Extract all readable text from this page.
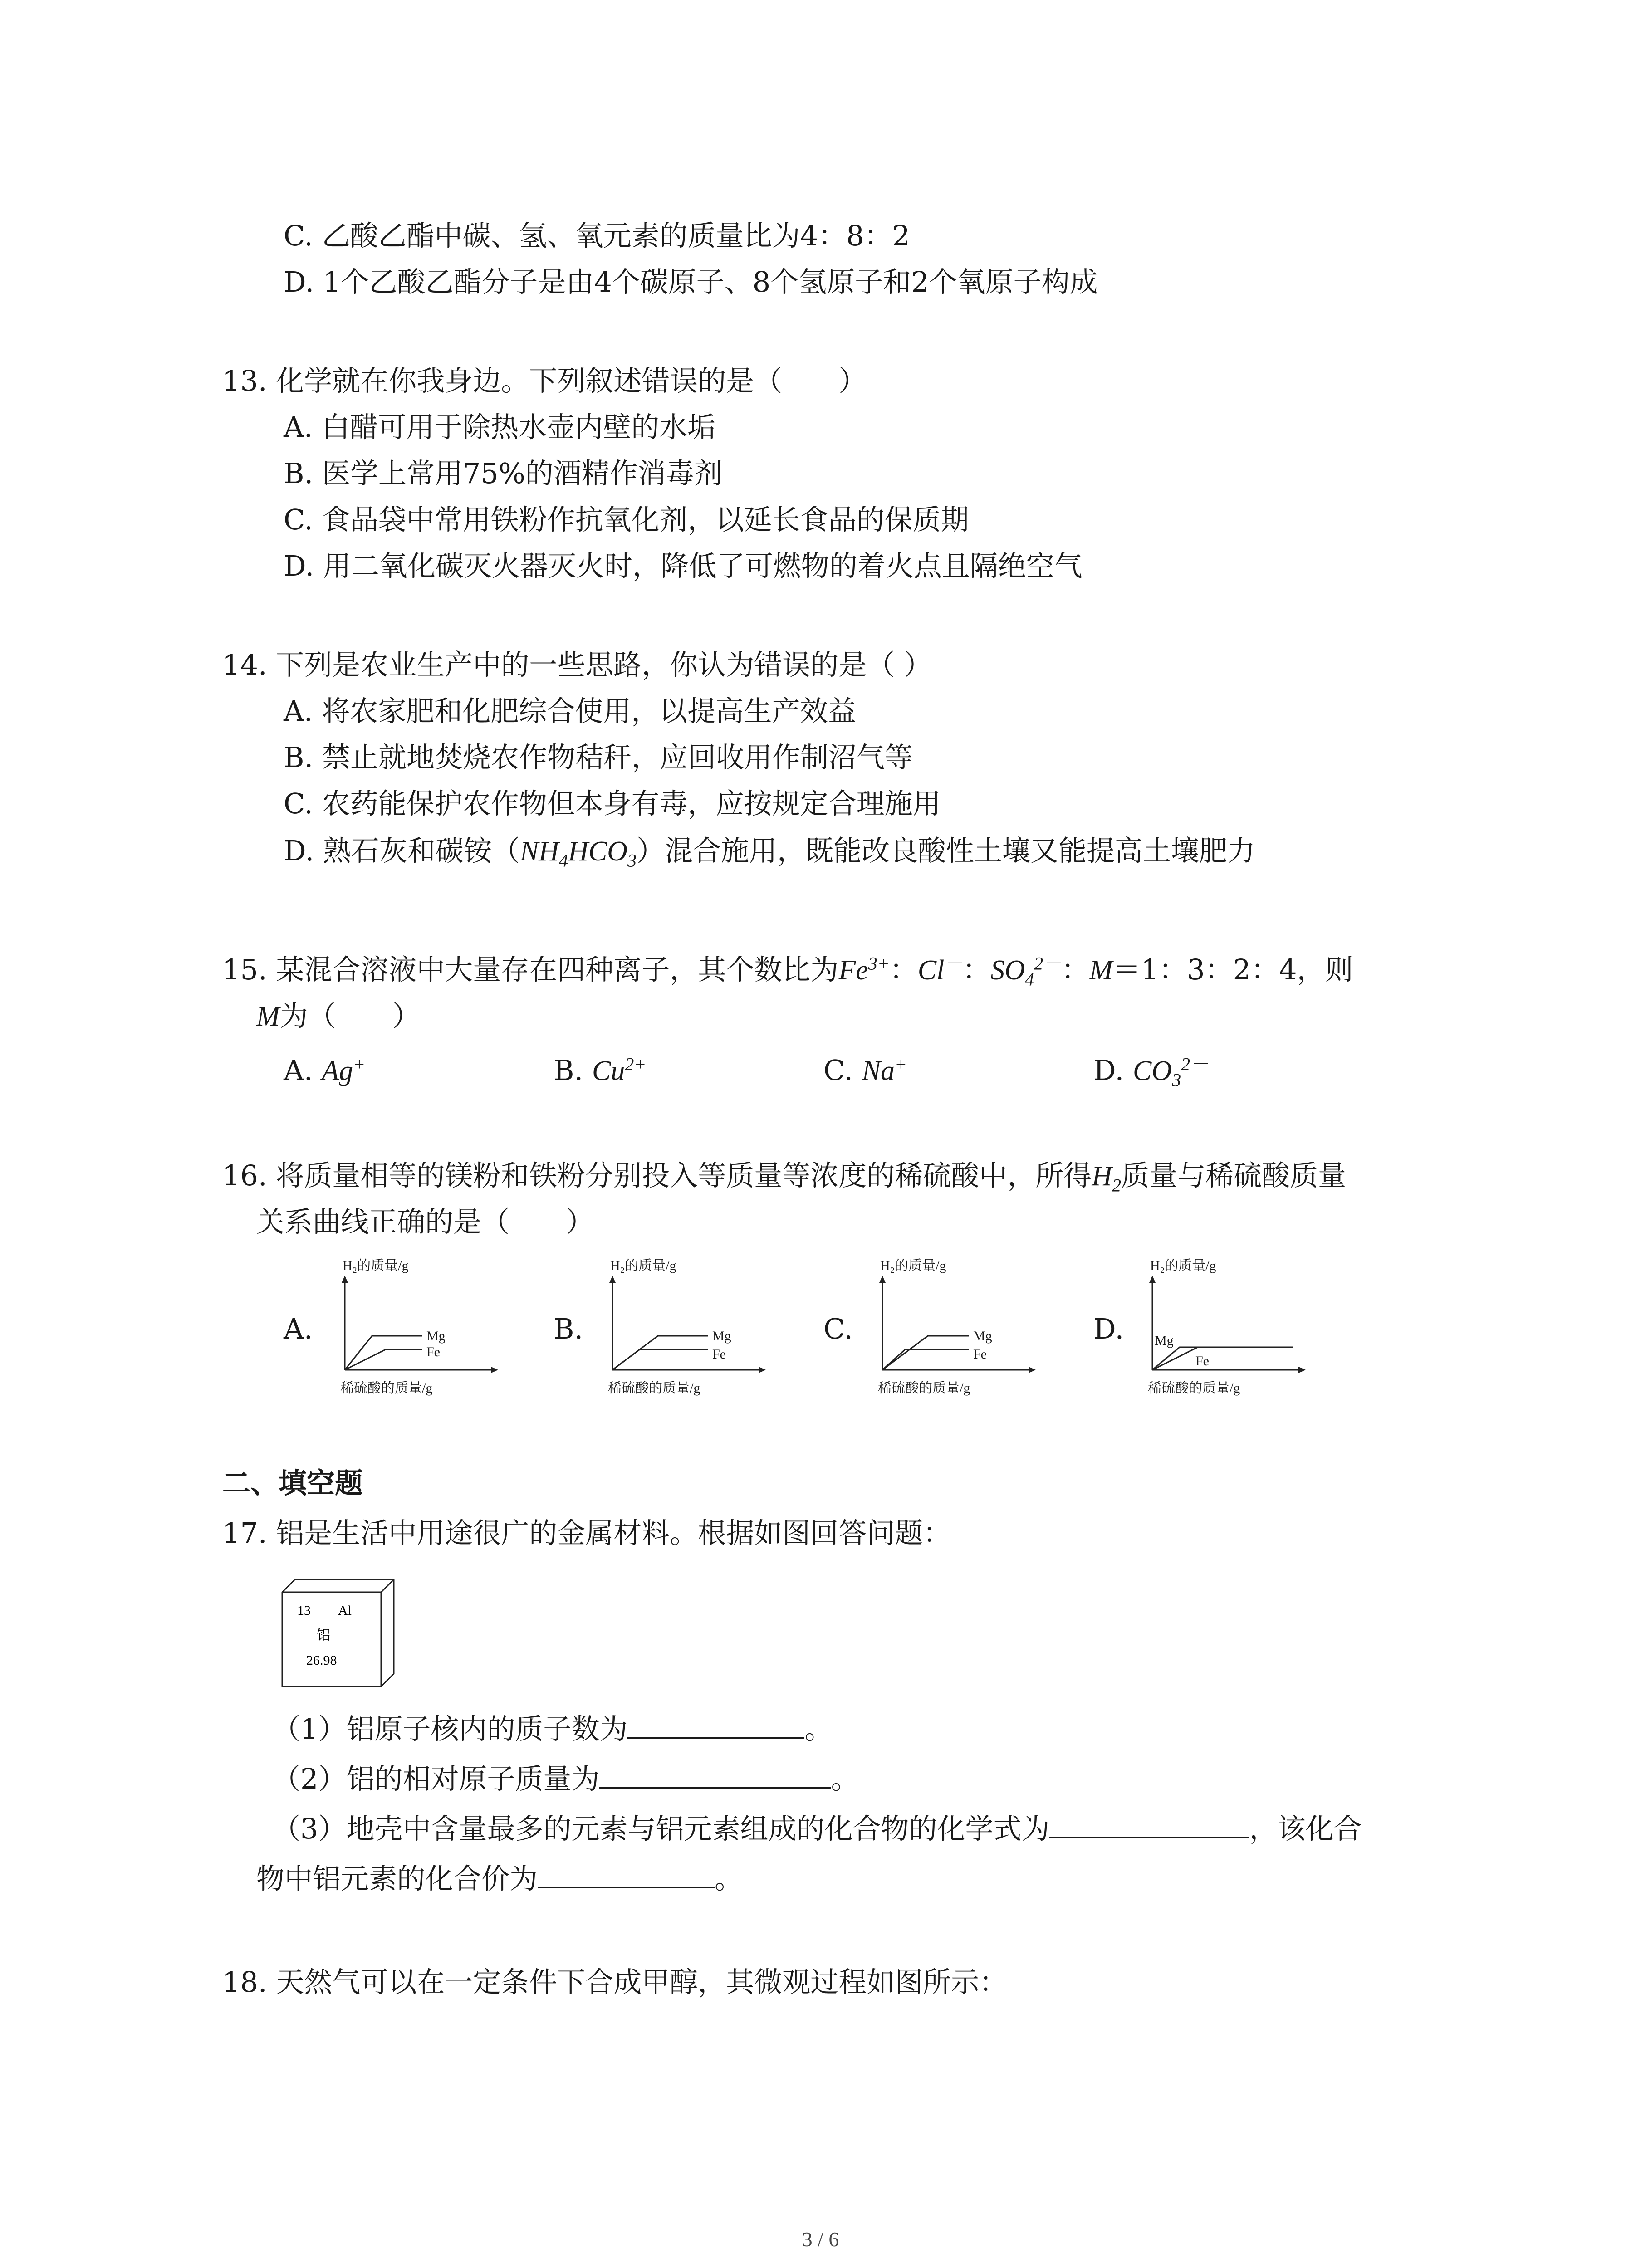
C. 乙酸乙酯中碳、氢、氧元素的质量比为4：8：2
D. 1个乙酸乙酯分子是由4个碳原子、8个氢原子和2个氧原子构成
13. 化学就在你我身边。下列叙述错误的是（　　）
A. 白醋可用于除热水壶内壁的水垢
B. 医学上常用75%的酒精作消毒剂
C. 食品袋中常用铁粉作抗氧化剂，以延长食品的保质期
D. 用二氧化碳灭火器灭火时，降低了可燃物的着火点且隔绝空气
14. 下列是农业生产中的一些思路，你认为错误的是（ ）
A. 将农家肥和化肥综合使用，以提高生产效益
B. 禁止就地焚烧农作物秸秆，应回收用作制沼气等
C. 农药能保护农作物但本身有毒，应按规定合理施用
D. 熟石灰和碳铵$(NH_4HCO_3)$混合施用，既能改良酸性土壤又能提高土壤肥力
15. 某混合溶液中大量存在四种离子，其个数比为$Fe^{3+}$：Cl－：$SO_4^{2-}$：M＝1：3：2：4，则
M为（　　）
A. Ag+	B. $Cu^{2+}$	C. Na+	D. $CO_3^{2-}$
16. 将质量相等的镁粉和铁粉分别投入等质量等浓度的稀硫酸中，所得$H_2$质量与稀硫酸质量
关系曲线正确的是（　　）
A.	B.	C.	D.
H₂的质量/g
Mg
Fe
稀硫酸的质量/g
H₂的质量/g
Mg
Fe
稀硫酸的质量/g
H₂的质量/g
Mg
Fe
稀硫酸的质量/g
H₂的质量/g
Mg
Fe
稀硫酸的质量/g
二、填空题
17. 铝是生活中用途很广的金属材料。根据如图回答问题：
13 Al
铝
26.98
（1）铝原子核内的质子数为	。
（2）铝的相对原子质量为	。
（3）地壳中含量最多的元素与铝元素组成的化合物的化学式为	，该化合
物中铝元素的化合价为	。
18. 天然气可以在一定条件下合成甲醇，其微观过程如图所示：
3 / 6
